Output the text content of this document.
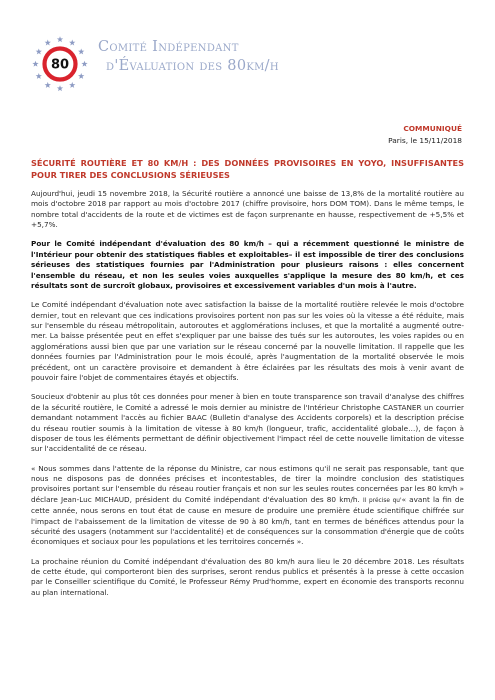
80
Comité Indépendant
d'Évaluation des 80km/h
COMMUNIQUÉ
Paris, le 15/11/2018
SÉCURITÉ ROUTIÈRE ET 80 KM/H : DES DONNÉES PROVISOIRES EN YOYO, INSUFFISANTES POUR TIRER DES CONCLUSIONS SÉRIEUSES

Aujourd'hui, jeudi 15 novembre 2018, la Sécurité routière a annoncé une baisse de 13,8% de la mortalité routière au mois d'octobre 2018 par rapport au mois d'octobre 2017 (chiffre provisoire, hors DOM TOM). Dans le même temps, le nombre total d'accidents de la route et de victimes est de façon surprenante en hausse, respectivement de +5,5% et +5,7%.

Pour le Comité indépendant d'évaluation des 80 km/h – qui a récemment questionné le ministre de l'Intérieur pour obtenir des statistiques fiables et exploitables– il est impossible de tirer des conclusions sérieuses des statistiques fournies par l'Administration pour plusieurs raisons : elles concernent l'ensemble du réseau, et non les seules voies auxquelles s'applique la mesure des 80 km/h, et ces résultats sont de surcroît globaux, provisoires et excessivement variables d'un mois à l'autre.

Le Comité indépendant d'évaluation note avec satisfaction la baisse de la mortalité routière relevée le mois d'octobre dernier, tout en relevant que ces indications provisoires portent non pas sur les voies où la vitesse a été réduite, mais sur l'ensemble du réseau métropolitain, autoroutes et agglomérations incluses, et que la mortalité a augmenté outre-mer. La baisse présentée peut en effet s'expliquer par une baisse des tués sur les autoroutes, les voies rapides ou en agglomérations aussi bien que par une variation sur le réseau concerné par la nouvelle limitation. Il rappelle que les données fournies par l'Administration pour le mois écoulé, après l'augmentation de la mortalité observée le mois précédent, ont un caractère provisoire et demandent à être éclairées par les résultats des mois à venir avant de pouvoir faire l'objet de commentaires étayés et objectifs.

Soucieux d'obtenir au plus tôt ces données pour mener à bien en toute transparence son travail d'analyse des chiffres de la sécurité routière, le Comité a adressé le mois dernier au ministre de l'Intérieur Christophe CASTANER un courrier demandant notamment l'accès au fichier BAAC (Bulletin d'analyse des Accidents corporels) et la description précise du réseau routier soumis à la limitation de vitesse à 80 km/h (longueur, trafic, accidentalité globale…), de façon à disposer de tous les éléments permettant de définir objectivement l'impact réel de cette nouvelle limitation de vitesse sur l'accidentalité de ce réseau.

« Nous sommes dans l'attente de la réponse du Ministre, car nous estimons qu'il ne serait pas responsable, tant que nous ne disposons pas de données précises et incontestables, de tirer la moindre conclusion des statistiques provisoires portant sur l'ensemble du réseau routier français et non sur les seules routes concernées par les 80 km/h » déclare Jean-Luc MICHAUD, président du Comité indépendant d'évaluation des 80 km/h. Il précise qu'« avant la fin de cette année, nous serons en tout état de cause en mesure de produire une première étude scientifique chiffrée sur l'impact de l'abaissement de la limitation de vitesse de 90 à 80 km/h, tant en termes de bénéfices attendus pour la sécurité des usagers (notamment sur l'accidentalité) et de conséquences sur la consommation d'énergie que de coûts économiques et sociaux pour les populations et les territoires concernés ».

La prochaine réunion du Comité indépendant d'évaluation des 80 km/h aura lieu le 20 décembre 2018. Les résultats de cette étude, qui comporteront bien des surprises, seront rendus publics et présentés à la presse à cette occasion par le Conseiller scientifique du Comité, le Professeur Rémy Prud'homme, expert en économie des transports reconnu au plan international.
